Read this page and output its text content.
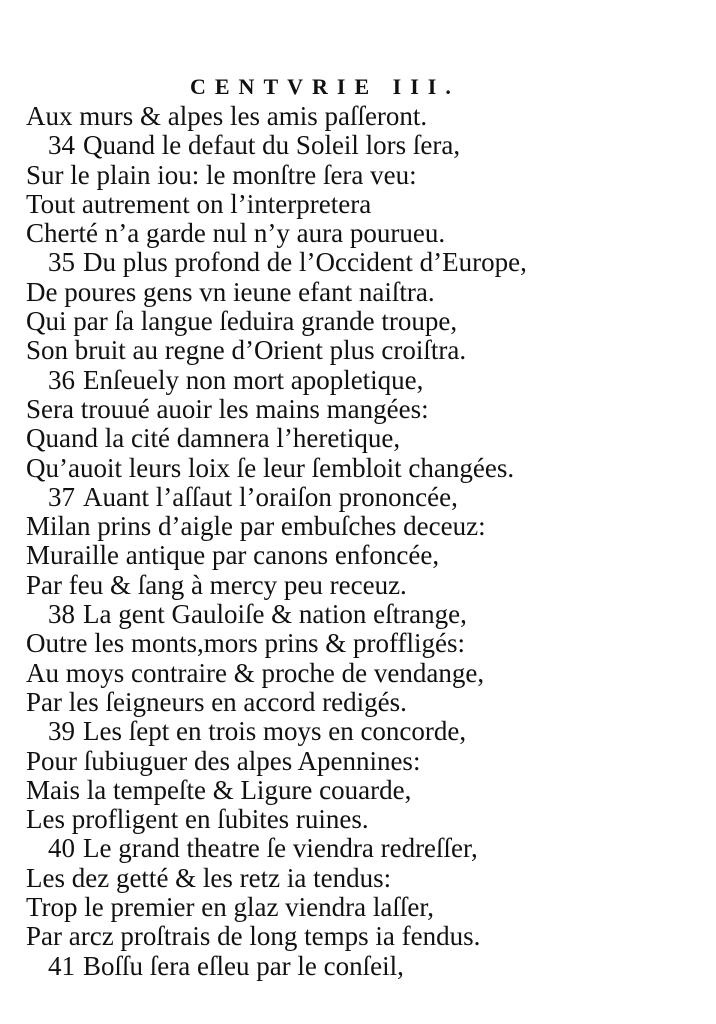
CENTVRIE III.
Aux murs & alpes les amis paſſeront.
34 Quand le defaut du Soleil lors ſera,
Sur le plain iou: le monſtre ſera veu:
Tout autrement on l’interpretera
Cherté n’a garde nul n’y aura pourueu.
35 Du plus profond de l’Occident d’Europe,
De poures gens vn ieune efant naiſtra.
Qui par ſa langue ſeduira grande troupe,
Son bruit au regne d’Orient plus croiſtra.
36 Enſeuely non mort apopletique,
Sera trouué auoir les mains mangées:
Quand la cité damnera l’heretique,
Qu’auoit leurs loix ſe leur ſembloit changées.
37 Auant l’aſſaut l’oraiſon prononcée,
Milan prins d’aigle par embuſches deceuz:
Muraille antique par canons enfoncée,
Par feu & ſang à mercy peu receuz.
38 La gent Gauloiſe & nation eſtrange,
Outre les monts,mors prins & proffligés:
Au moys contraire & proche de vendange,
Par les ſeigneurs en accord redigés.
39 Les ſept en trois moys en concorde,
Pour ſubiuguer des alpes Apennines:
Mais la tempeſte & Ligure couarde,
Les profligent en ſubites ruines.
40 Le grand theatre ſe viendra redreſſer,
Les dez getté & les retz ia tendus:
Trop le premier en glaz viendra laſſer,
Par arcz proſtrais de long temps ia fendus.
41 Boſſu ſera eſleu par le conſeil,
